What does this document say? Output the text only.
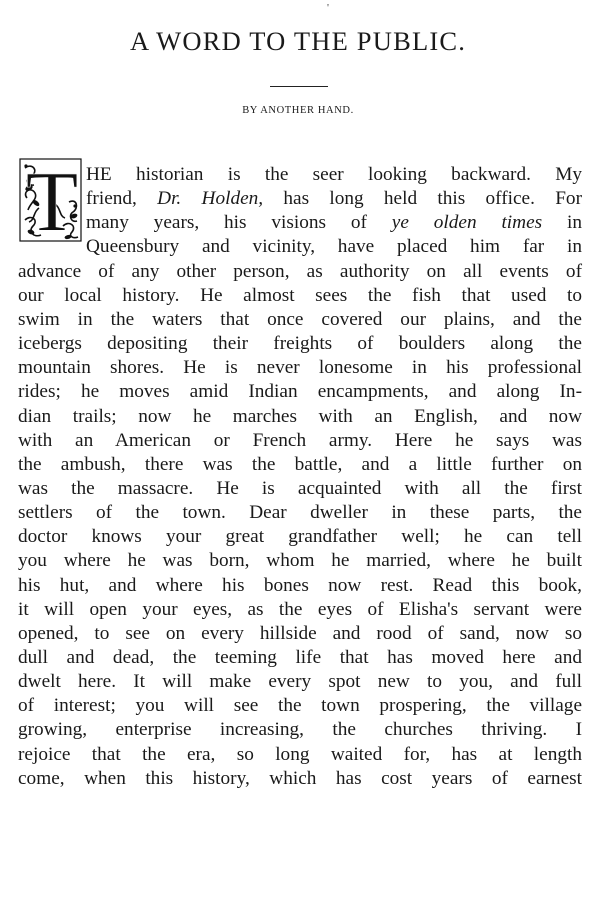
'
A WORD TO THE PUBLIC.
BY ANOTHER HAND.
T HE historian is the seer looking backward. My
friend, Dr. Holden, has long held this office. For
many years, his visions of ye olden times in
Queensbury and vicinity, have placed him far in
advance of any other person, as authority on all events of
our local history. He almost sees the fish that used to
swim in the waters that once covered our plains, and the
icebergs depositing their freights of boulders along the
mountain shores. He is never lonesome in his professional
rides; he moves amid Indian encampments, and along In-
dian trails; now he marches with an English, and now
with an American or French army. Here he says was
the ambush, there was the battle, and a little further on
was the massacre. He is acquainted with all the first
settlers of the town. Dear dweller in these parts, the
doctor knows your great grandfather well; he can tell
you where he was born, whom he married, where he built
his hut, and where his bones now rest. Read this book,
it will open your eyes, as the eyes of Elisha's servant were
opened, to see on every hillside and rood of sand, now so
dull and dead, the teeming life that has moved here and
dwelt here. It will make every spot new to you, and full
of interest; you will see the town prospering, the village
growing, enterprise increasing, the churches thriving. I
rejoice that the era, so long waited for, has at length
come, when this history, which has cost years of earnest
